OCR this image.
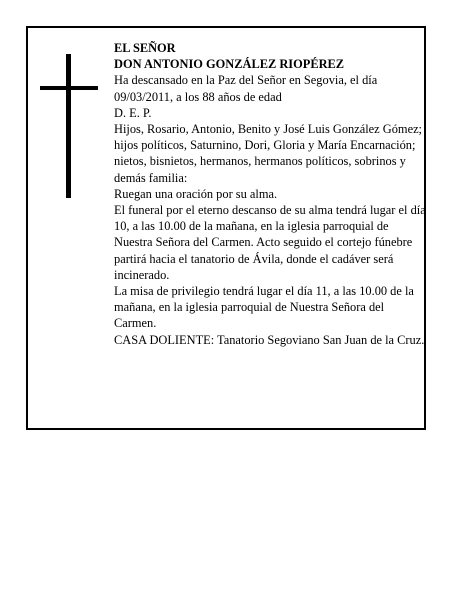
EL SEÑOR

DON ANTONIO GONZÁLEZ RIOPÉREZ

Ha descansado en la Paz del Señor en Segovia, el día 09/03/2011, a los 88 años de edad

D. E. P.

Hijos, Rosario, Antonio, Benito y José Luis González Gómez; hijos políticos, Saturnino, Dori, Gloria y María Encarnación; nietos, bisnietos, hermanos, hermanos políticos, sobrinos y demás familia:

Ruegan una oración por su alma.

El funeral por el eterno descanso de su alma tendrá lugar el día 10, a las 10.00 de la mañana, en la iglesia parroquial de Nuestra Señora del Carmen. Acto seguido el cortejo fúnebre partirá hacia el tanatorio de Ávila, donde el cadáver será incinerado.

La misa de privilegio tendrá lugar el día 11, a las 10.00 de la mañana, en la iglesia parroquial de Nuestra Señora del Carmen.

CASA DOLIENTE: Tanatorio Segoviano San Juan de la Cruz.
